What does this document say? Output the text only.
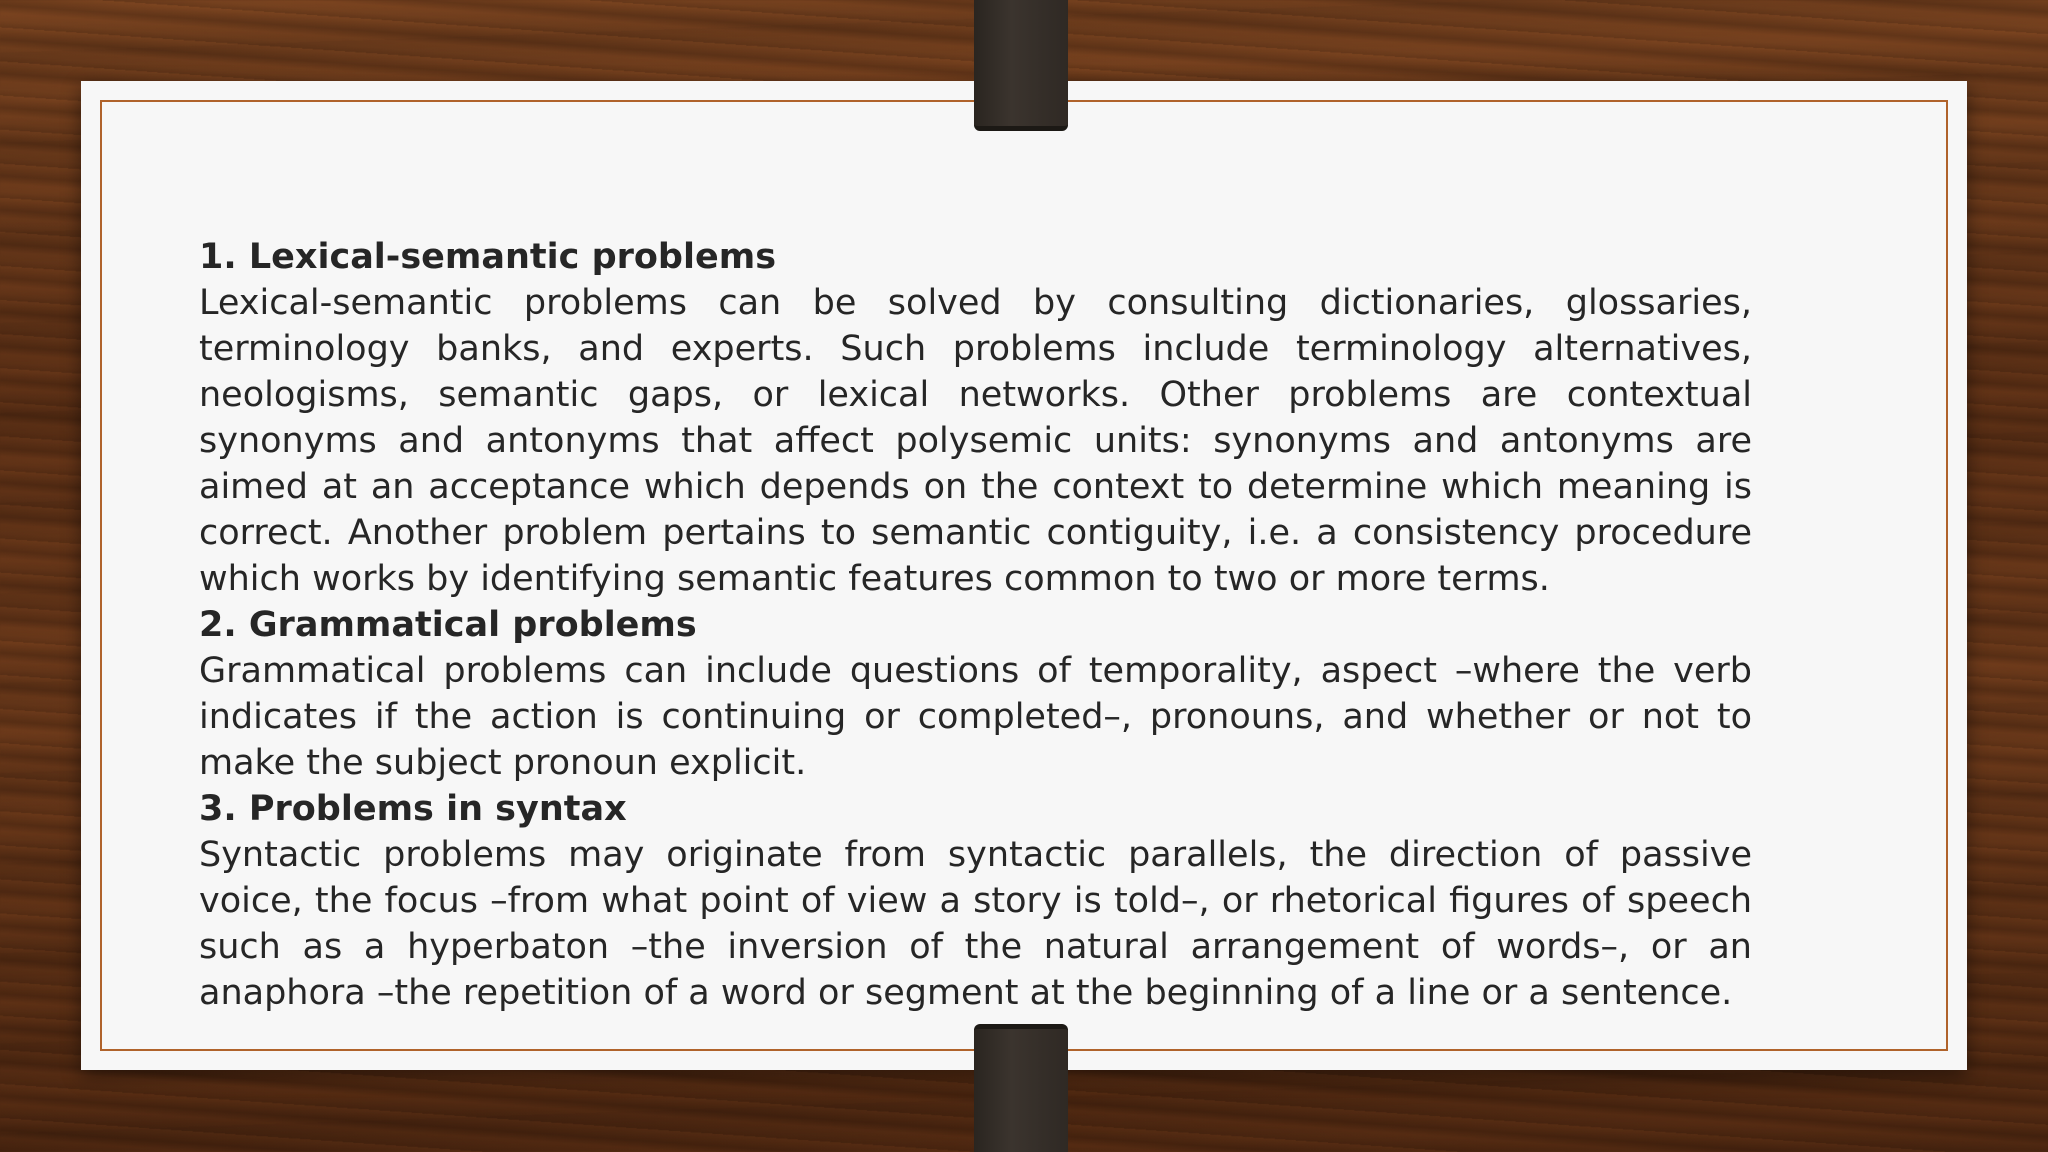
1. Lexical-semantic problems

Lexical-semantic problems can be solved by consulting dictionaries, glossaries, terminology banks, and experts. Such problems include terminology alternatives, neologisms, semantic gaps, or lexical networks. Other problems are contextual synonyms and antonyms that affect polysemic units: synonyms and antonyms are aimed at an acceptance which depends on the context to determine which meaning is correct. Another problem pertains to semantic contiguity, i.e. a consistency procedure which works by identifying semantic features common to two or more terms.

2. Grammatical problems

Grammatical problems can include questions of temporality, aspect –where the verb indicates if the action is continuing or completed–, pronouns, and whether or not to make the subject pronoun explicit.

3. Problems in syntax

Syntactic problems may originate from syntactic parallels, the direction of passive voice, the focus –from what point of view a story is told–, or rhetorical figures of speech such as a hyperbaton –the inversion of the natural arrangement of words–, or an anaphora –the repetition of a word or segment at the beginning of a line or a sentence.
